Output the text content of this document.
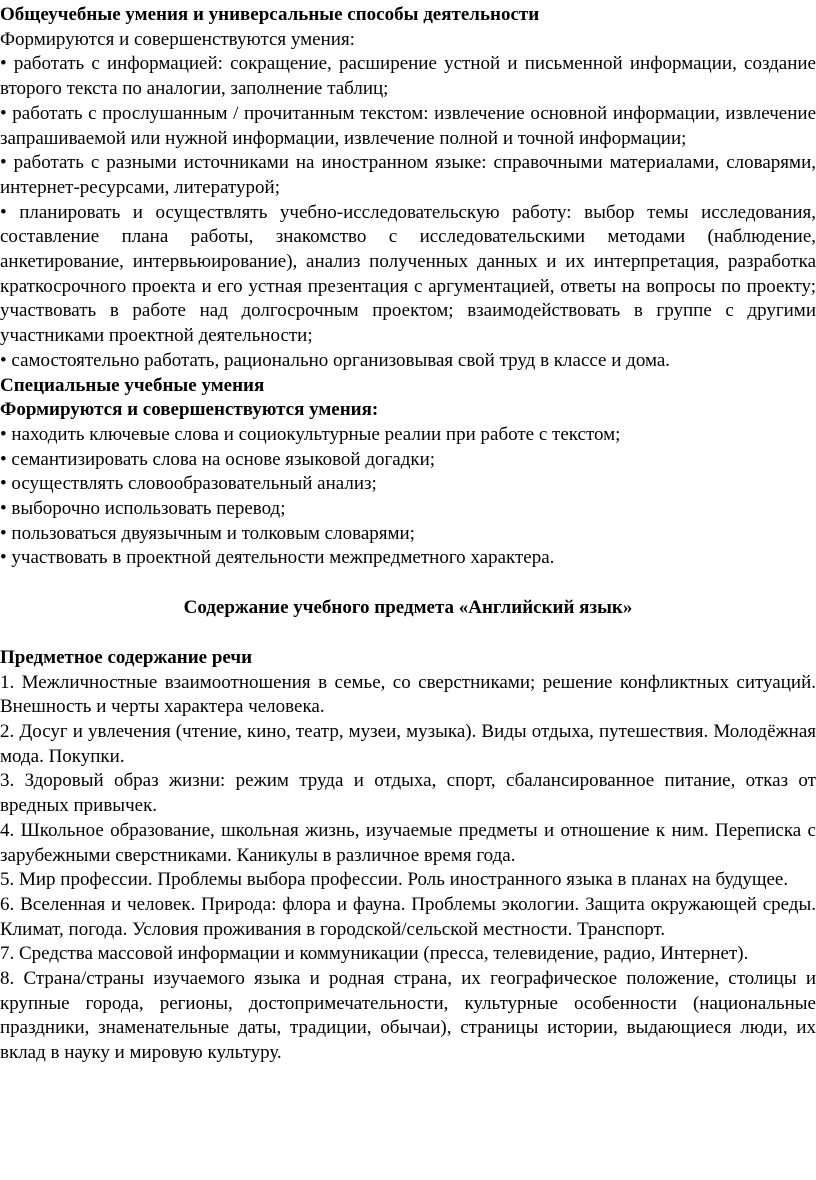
Общеучебные умения и универсальные способы деятельности

Формируются и совершенствуются умения:

• работать с информацией: сокращение, расширение устной и письменной информации, создание второго текста по аналогии, заполнение таблиц;

• работать с прослушанным / прочитанным текстом: извлечение основной информации, извлечение запрашиваемой или нужной информации, извлечение полной и точной информации;

• работать с разными источниками на иностранном языке: справочными материалами, словарями, интернет-ресурсами, литературой;

• планировать и осуществлять учебно-исследовательскую работу: выбор темы исследования, составление плана работы, знакомство с исследовательскими методами (наблюдение, анкетирование, интервьюирование), анализ полученных данных и их интерпретация, разработка краткосрочного проекта и его устная презентация с аргументацией, ответы на вопросы по проекту; участвовать в работе над долгосрочным проектом; взаимодействовать в группе с другими участниками проектной деятельности;

• самостоятельно работать, рационально организовывая свой труд в классе и дома.

Специальные учебные умения

Формируются и совершенствуются умения:

• находить ключевые слова и социокультурные реалии при работе с текстом;

• семантизировать слова на основе языковой догадки;

• осуществлять словообразовательный анализ;

• выборочно использовать перевод;

• пользоваться двуязычным и толковым словарями;

• участвовать в проектной деятельности межпредметного характера.

Содержание учебного предмета «Английский язык»

Предметное содержание речи

1. Межличностные взаимоотношения в семье, со сверстниками; решение конфликтных ситуаций. Внешность и черты характера человека.

2. Досуг и увлечения (чтение, кино, театр, музеи, музыка). Виды отдыха, путешествия. Молодёжная мода. Покупки.

3. Здоровый образ жизни: режим труда и отдыха, спорт, сбалансированное питание, отказ от вредных привычек.

4. Школьное образование, школьная жизнь, изучаемые предметы и отношение к ним. Переписка с зарубежными сверстниками. Каникулы в различное время года.

5. Мир профессии. Проблемы выбора профессии. Роль иностранного языка в планах на будущее.

6. Вселенная и человек. Природа: флора и фауна. Проблемы экологии. Защита окружающей среды. Климат, погода. Условия проживания в городской/сельской местности. Транспорт.

7. Средства массовой информации и коммуникации (пресса, телевидение, радио, Интернет).

8. Страна/страны изучаемого языка и родная страна, их географическое положение, столицы и крупные города, регионы, достопримечательности, культурные особенности (национальные праздники, знаменательные даты, традиции, обычаи), страницы истории, выдающиеся люди, их вклад в науку и мировую культуру.
